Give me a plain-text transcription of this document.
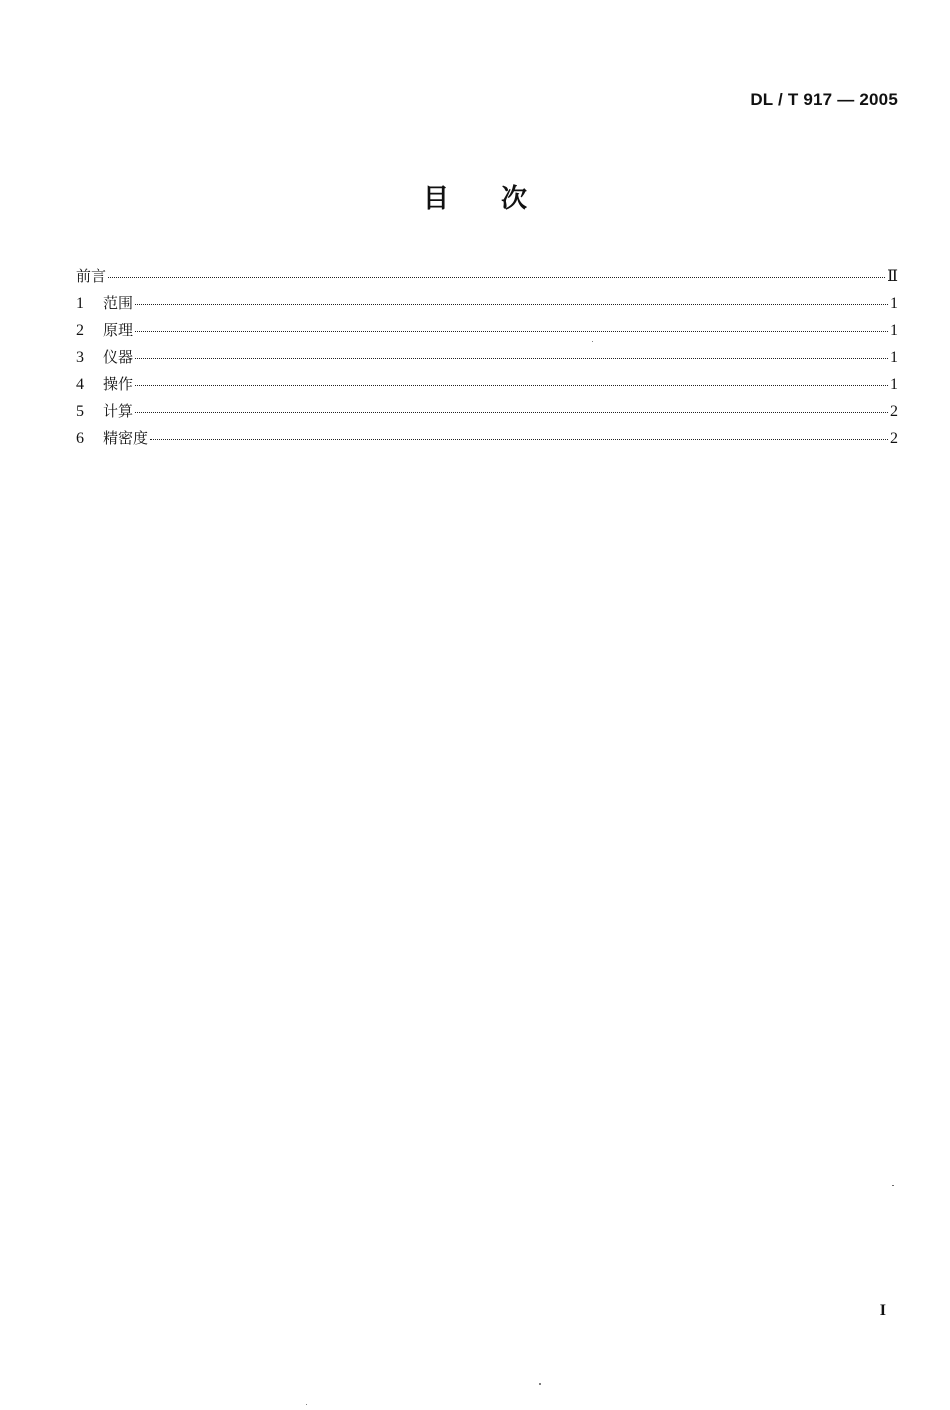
DL / T 917 — 2005
目次
前言	Ⅱ
1	范围	1
2	原理	1
3	仪器	1
4	操作	1
5	计算	2
6	精密度	2
I
